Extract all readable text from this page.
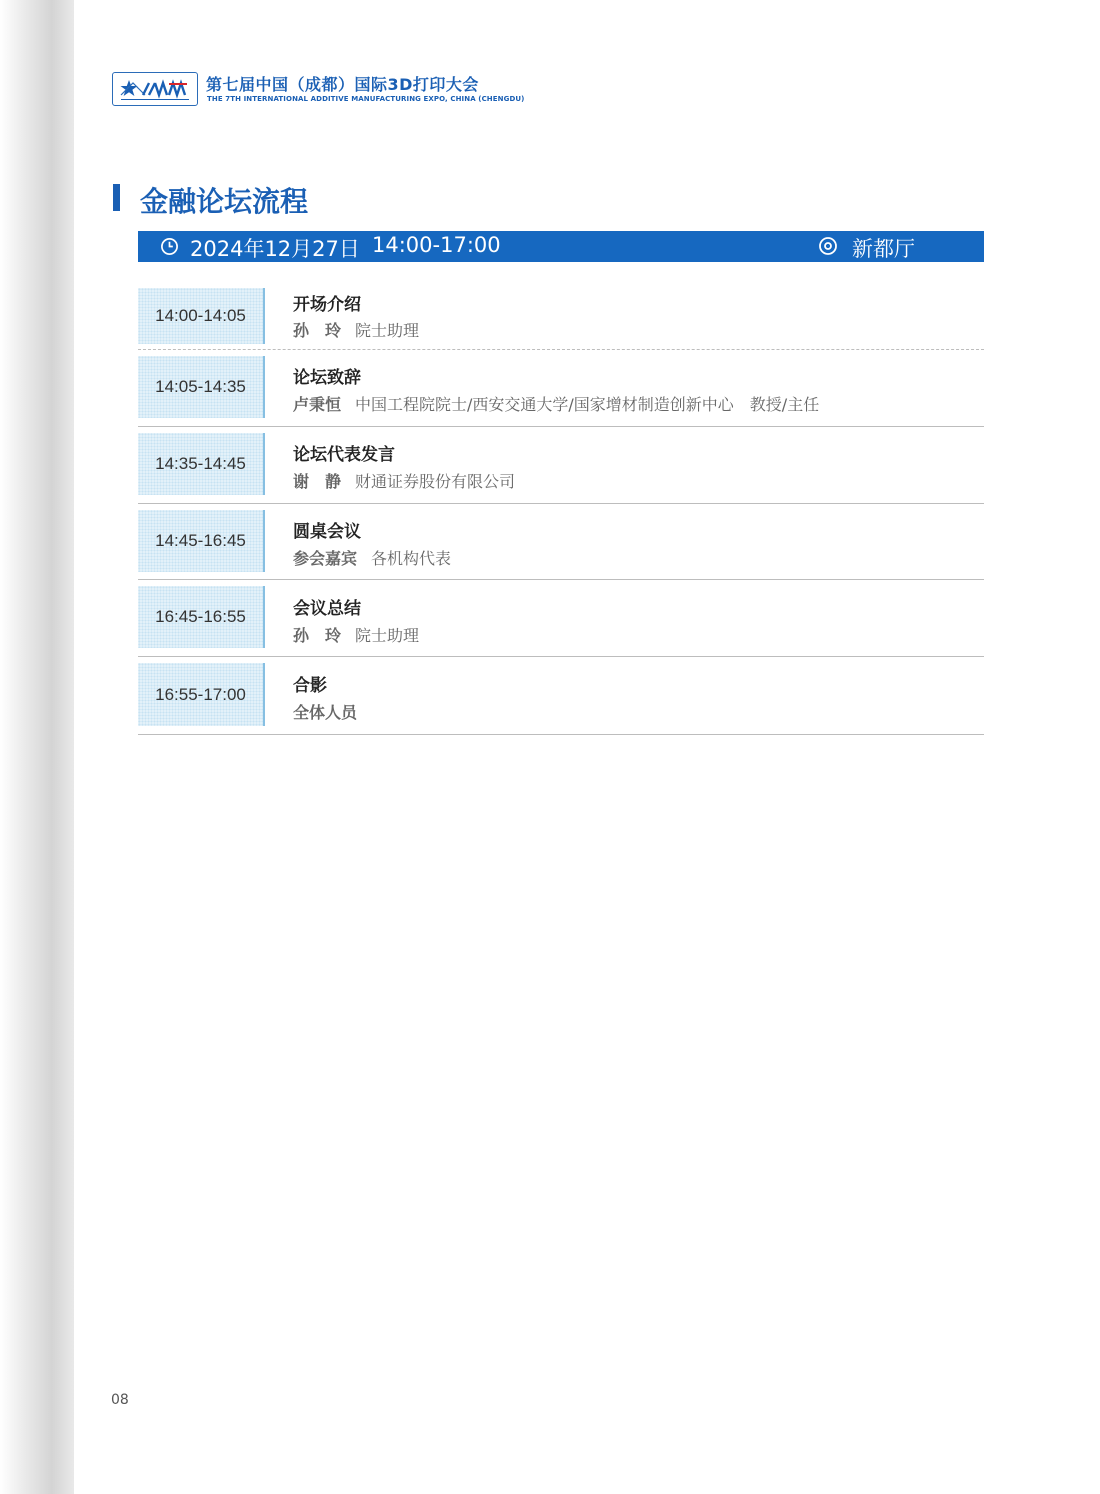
第七届中国（成都）国际3D打印大会
THE 7TH INTERNATIONAL ADDITIVE MANUFACTURING EXPO, CHINA (CHENGDU)
金融论坛流程
2024年12月27日 14:00-17:00	新都厅
14:00-14:05
开场介绍
孙　玲 院士助理
14:05-14:35	论坛致辞
卢秉恒 中国工程院院士/西安交通大学/国家增材制造创新中心　教授/主任
14:35-14:45	论坛代表发言
谢　静 财通证券股份有限公司
14:45-16:45	圆桌会议
参会嘉宾 各机构代表
16:45-16:55	会议总结
孙　玲 院士助理
16:55-17:00	合影
全体人员
08
